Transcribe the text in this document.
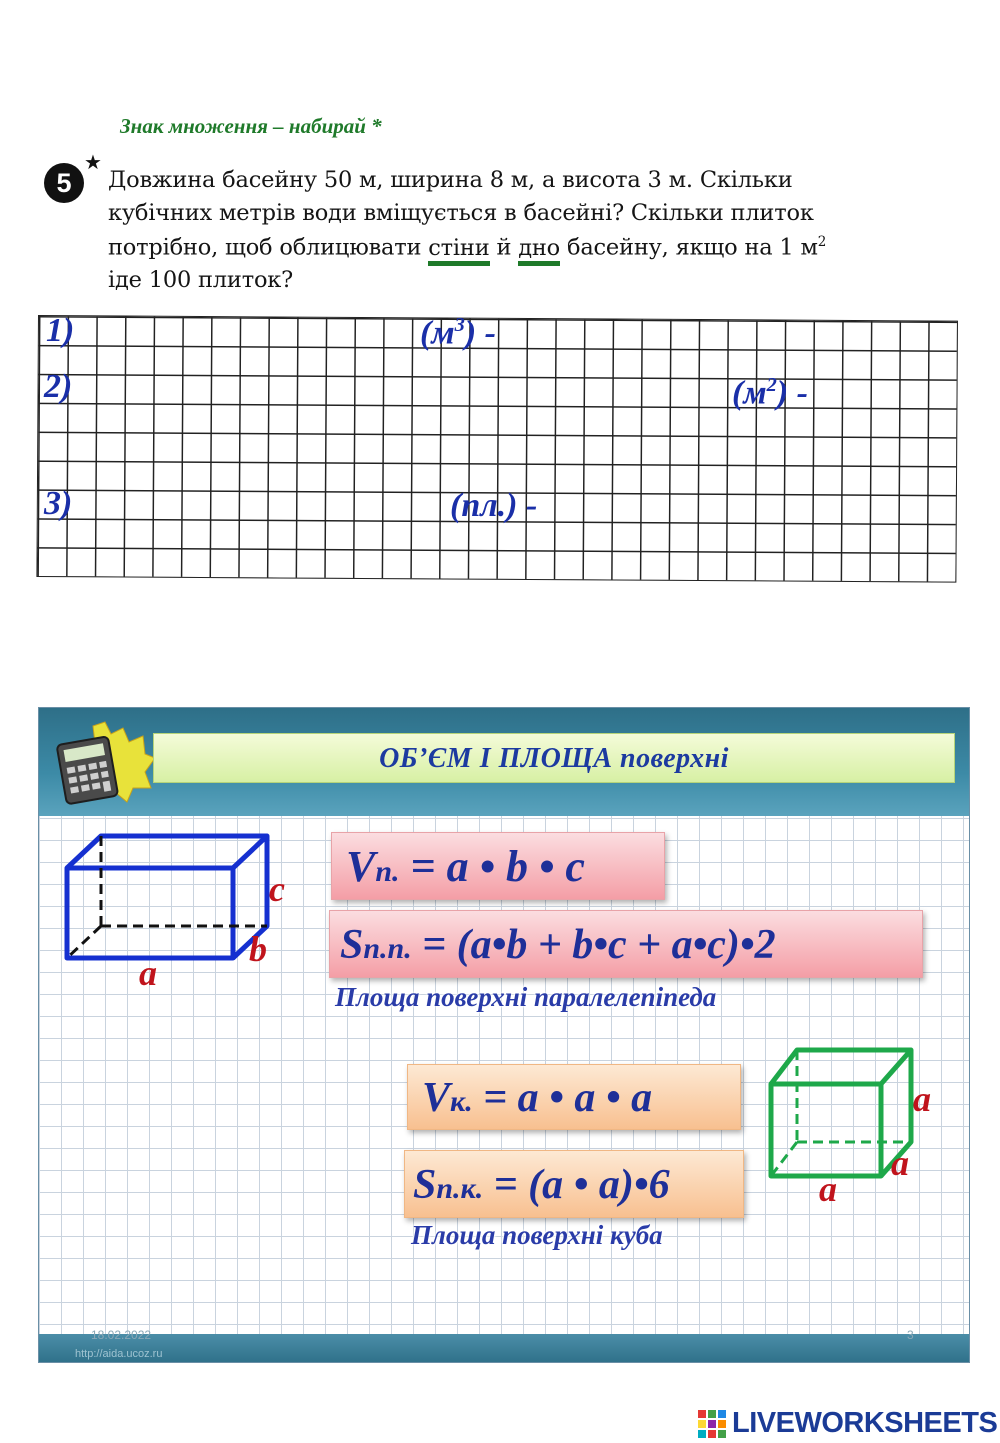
Знак множення – набирай *
5
★
Довжина басейну 50 м, ширина 8 м, а висота 3 м. Скільки
кубічних метрів води вміщується в басейні? Скільки плиток
потрібно, щоб облицювати стіни й дно басейну, якщо на 1 $м^2$
іде 100 плиток?
1)	$(м^3)$ -
2)	$(м^2)$ -
3)	(пл.) -
ОБ’ЄМ І ПЛОЩА поверхні
c
b
a
Vп. = a • b • c
Sп.п. = (a•b + b•c + a•c)•2
Площа поверхні паралелепіпеда
Vк. = a • a • a
Sп.к. = (a • a)•6
Площа поверхні куба
a
a
a
18.02.2022	3
http://aida.ucoz.ru
LIVEWORKSHEETS
